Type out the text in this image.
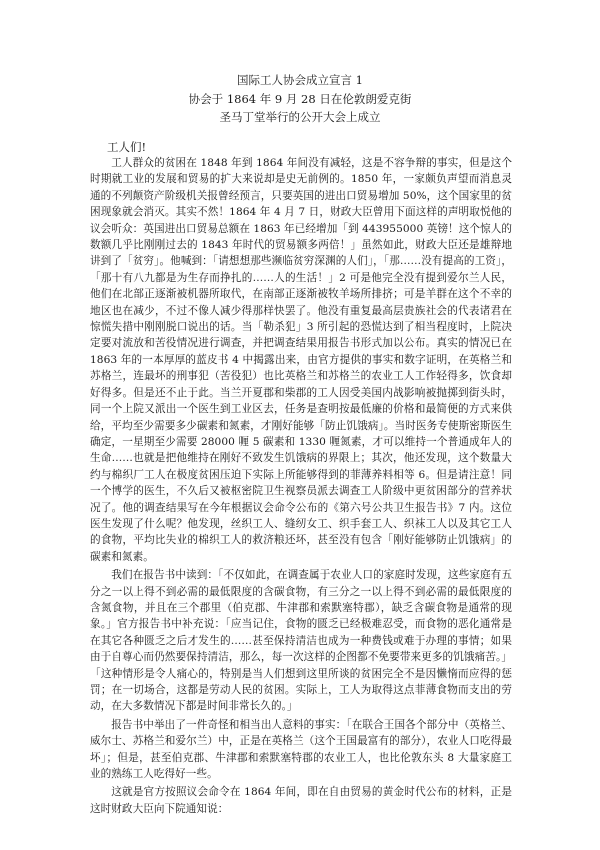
国际工人协会成立宣言 1
协会于 1864 年 9 月 28 日在伦敦朗爱克街
圣马丁堂举行的公开大会上成立
工人们!

工人群众的贫困在 1848 年到 1864 年间没有减轻，这是不容争辩的事实，但是这个时期就工业的发展和贸易的扩大来说却是史无前例的。1850 年，一家颇负声望而消息灵通的不列颠资产阶级机关报曾经预言，只要英国的进出口贸易增加 50%，这个国家里的贫困现象就会消灭。其实不然！1864 年 4 月 7 日，财政大臣曾用下面这样的声明取悦他的议会听众：英国进出口贸易总额在 1863 年已经增加「到 443955000 英镑！这个惊人的数额几乎比刚刚过去的 1843 年时代的贸易额多两倍！」虽然如此，财政大臣还是雄辩地讲到了「贫穷」。他喊到：「请想想那些濒临贫穷深渊的人们」，「那……没有提高的工资」，「那十有八九都是为生存而挣扎的……人的生活！」2 可是他完全没有提到爱尔兰人民，他们在北部正逐渐被机器所取代，在南部正逐渐被牧羊场所排挤；可是羊群在这个不幸的地区也在减少，不过不像人减少得那样快罢了。他没有重复最高层贵族社会的代表诸君在惊慌失措中刚刚脱口说出的话。当「勒杀犯」3 所引起的恐慌达到了相当程度时，上院决定要对流放和苦役情况进行调查，并把调查结果用报告书形式加以公布。真实的情况已在 1863 年的一本厚厚的蓝皮书 4 中揭露出来，由官方提供的事实和数字证明，在英格兰和苏格兰，连最坏的刑事犯（苦役犯）也比英格兰和苏格兰的农业工人工作轻得多，饮食却好得多。但是还不止于此。当兰开夏郡和柴郡的工人因受美国内战影响被抛掷到街头时，同一个上院又派出一个医生到工业区去，任务是查明按最低廉的价格和最简便的方式来供给，平均至少需要多少碳素和氮素，才刚好能够「防止饥饿病」。当时医务专使斯密斯医生确定，一星期至少需要 28000 喱 5 碳素和 1330 喱氮素，才可以维持一个普通成年人的生命……也就是把他维持在刚好不致发生饥饿病的界限上；其次，他还发现，这个数量大约与棉织厂工人在极度贫困压迫下实际上所能够得到的菲薄养料相等 6。但是请注意！同一个博学的医生，不久后又被枢密院卫生视察员派去调查工人阶级中更贫困部分的营养状况了。他的调查结果写在今年根据议会命令公布的《第六号公共卫生报告书》7 内。这位医生发现了什么呢？他发现，丝织工人、缝纫女工、织手套工人、织袜工人以及其它工人的食物，平均比失业的棉织工人的救济粮还坏，甚至没有包含「刚好能够防止饥饿病」的碳素和氮素。

我们在报告书中读到：「不仅如此，在调查属于农业人口的家庭时发现，这些家庭有五分之一以上得不到必需的最低限度的含碳食物，有三分之一以上得不到必需的最低限度的含氮食物，并且在三个郡里（伯克郡、牛津郡和索默塞特郡），缺乏含碳食物是通常的现象。」官方报告书中补充说：「应当记住，食物的匮乏已经极难忍受，而食物的恶化通常是在其它各种匮乏之后才发生的……甚至保持清洁也成为一种费钱或难于办理的事情；如果由于自尊心而仍然要保持清洁，那么，每一次这样的企图都不免要带来更多的饥饿痛苦。」「这种情形是令人痛心的，特别是当人们想到这里所谈的贫困完全不是因懒惰而应得的惩罚；在一切场合，这都是劳动人民的贫困。实际上，工人为取得这点菲薄食物而支出的劳动，在大多数情况下都是时间非常长久的。」

报告书中举出了一件奇怪和相当出人意料的事实：「在联合王国各个部分中（英格兰、威尔士、苏格兰和爱尔兰）中，正是在英格兰（这个王国最富有的部分），农业人口吃得最坏」；但是，甚至伯克郡、牛津郡和索默塞特郡的农业工人，也比伦敦东头 8 大量家庭工业的熟练工人吃得好一些。

这就是官方按照议会命令在 1864 年间，即在自由贸易的黄金时代公布的材料，正是这时财政大臣向下院通知说：
